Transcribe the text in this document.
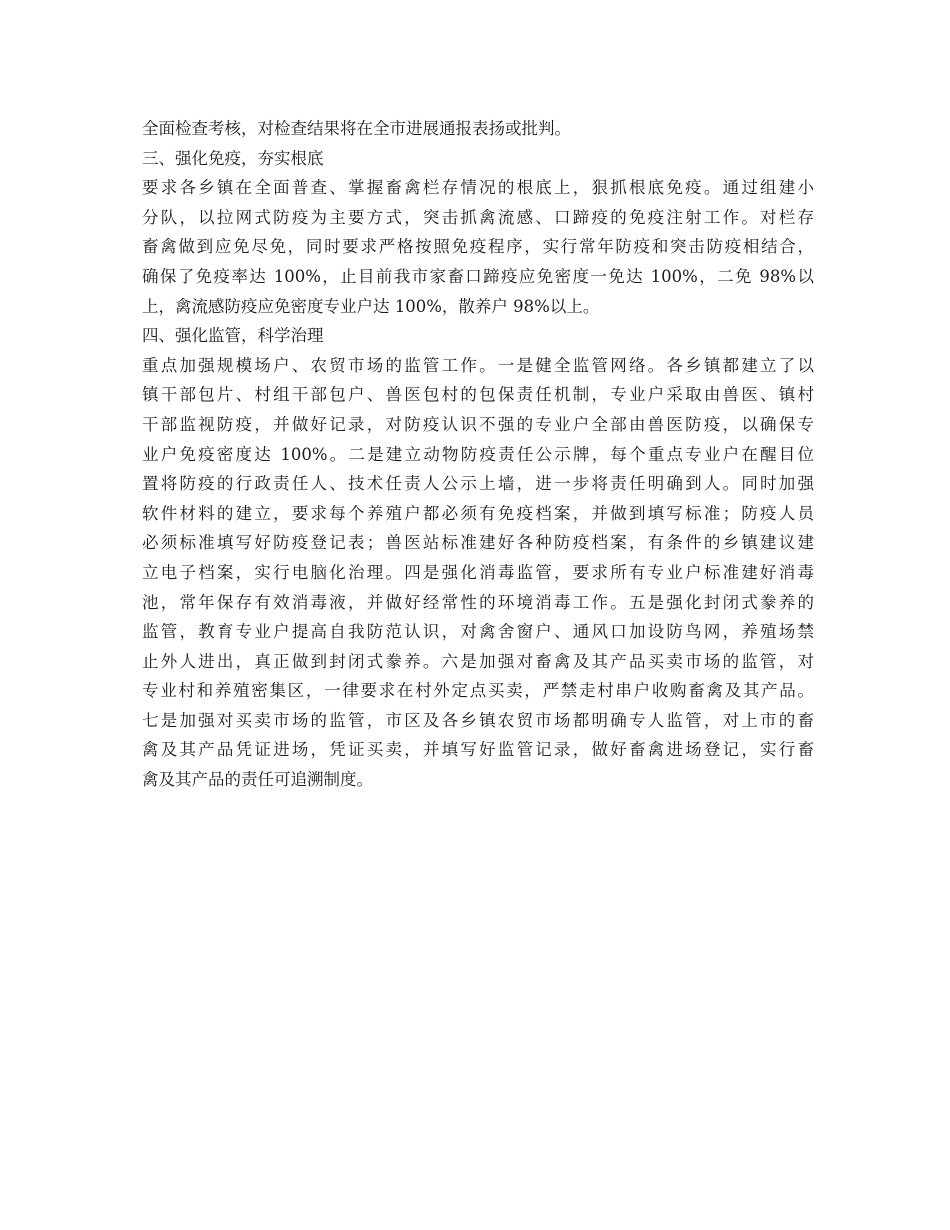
全面检查考核，对检查结果将在全市进展通报表扬或批判。
三、强化免疫，夯实根底
要求各乡镇在全面普查、掌握畜禽栏存情况的根底上，狠抓根底免疫。通过组建小
分队，以拉网式防疫为主要方式，突击抓禽流感、口蹄疫的免疫注射工作。对栏存
畜禽做到应免尽免，同时要求严格按照免疫程序，实行常年防疫和突击防疫相结合，
确保了免疫率达 100%，止目前我市家畜口蹄疫应免密度一免达 100%，二免 98%以
上，禽流感防疫应免密度专业户达 100%，散养户 98%以上。
四、强化监管，科学治理
重点加强规模场户、农贸市场的监管工作。一是健全监管网络。各乡镇都建立了以
镇干部包片、村组干部包户、兽医包村的包保责任机制，专业户采取由兽医、镇村
干部监视防疫，并做好记录，对防疫认识不强的专业户全部由兽医防疫，以确保专
业户免疫密度达 100%。二是建立动物防疫责任公示牌，每个重点专业户在醒目位
置将防疫的行政责任人、技术任责人公示上墙，进一步将责任明确到人。同时加强
软件材料的建立，要求每个养殖户都必须有免疫档案，并做到填写标准；防疫人员
必须标准填写好防疫登记表；兽医站标准建好各种防疫档案，有条件的乡镇建议建
立电子档案，实行电脑化治理。四是强化消毒监管，要求所有专业户标准建好消毒
池，常年保存有效消毒液，并做好经常性的环境消毒工作。五是强化封闭式豢养的
监管，教育专业户提高自我防范认识，对禽舍窗户、通风口加设防鸟网，养殖场禁
止外人进出，真正做到封闭式豢养。六是加强对畜禽及其产品买卖市场的监管，对
专业村和养殖密集区，一律要求在村外定点买卖，严禁走村串户收购畜禽及其产品。
七是加强对买卖市场的监管，市区及各乡镇农贸市场都明确专人监管，对上市的畜
禽及其产品凭证进场，凭证买卖，并填写好监管记录，做好畜禽进场登记，实行畜
禽及其产品的责任可追溯制度。
